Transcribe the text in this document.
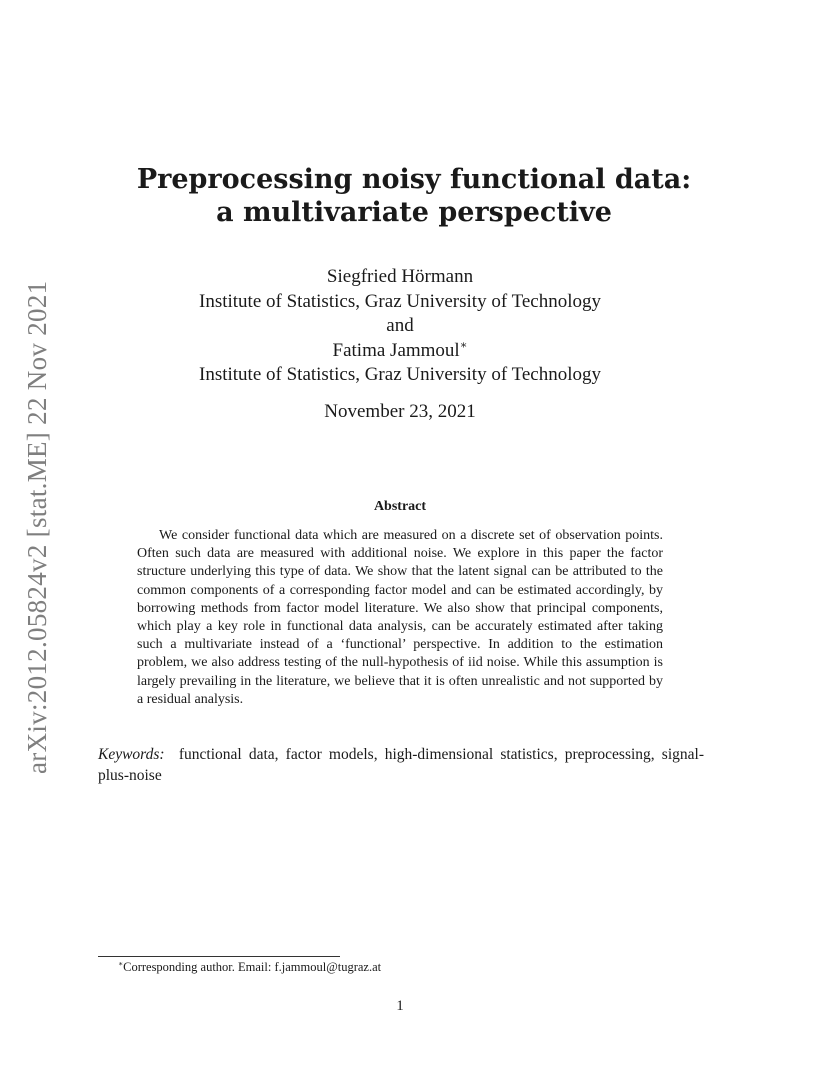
arXiv:2012.05824v2 [stat.ME] 22 Nov 2021
Preprocessing noisy functional data:
a multivariate perspective
Siegfried Hörmann
Institute of Statistics, Graz University of Technology
and
Fatima Jammoul∗
Institute of Statistics, Graz University of Technology
November 23, 2021
Abstract

We consider functional data which are measured on a discrete set of observation points. Often such data are measured with additional noise. We explore in this paper the factor structure underlying this type of data. We show that the latent signal can be attributed to the common components of a corresponding factor model and can be estimated accordingly, by borrowing methods from factor model literature. We also show that principal components, which play a key role in functional data analysis, can be accurately estimated after taking such a multivariate instead of a ‘functional’ perspective. In addition to the estimation problem, we also address testing of the null-hypothesis of iid noise. While this assumption is largely prevailing in the literature, we believe that it is often unrealistic and not supported by a residual analysis.

Keywords: functional data, factor models, high-dimensional statistics, preprocessing, signal-plus-noise

∗Corresponding author. Email: f.jammoul@tugraz.at
1
